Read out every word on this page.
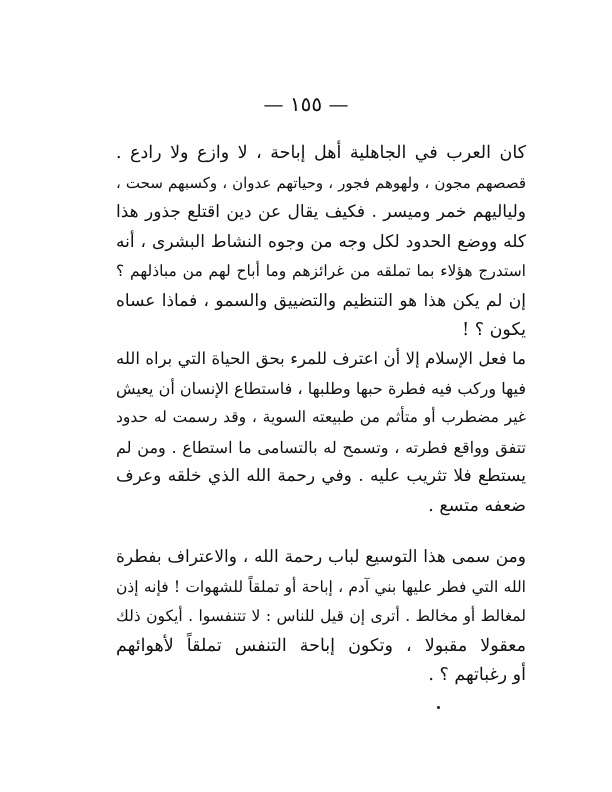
— ١٥٥ —
كان العرب في الجاهلية أهل إباحة ، لا وازع ولا رادع .
قصصهم مجون ، ولهوهم فجور ، وحياتهم عدوان ، وكسبهم سحت ،
ولياليهم خمر وميسر . فكيف يقال عن دين اقتلع جذور هذا
كله ووضع الحدود لكل وجه من وجوه النشاط البشرى ، أنه
استدرج هؤلاء بما تملقه من غرائزهم وما أباح لهم من مباذلهم ؟
إن لم يكن هذا هو التنظيم والتضييق والسمو ، فماذا عساه
يكون ؟ !
ما فعل الإسلام إلا أن اعترف للمرء بحق الحياة التي براه الله
فيها وركب فيه فطرة حبها وطلبها ، فاستطاع الإنسان أن يعيش
غير مضطرب أو متأثم من طبيعته السوية ، وقد رسمت له حدود
تتفق وواقع فطرته ، وتسمح له بالتسامى ما استطاع . ومن لم
يستطع فلا تثريب عليه . وفي رحمة الله الذي خلقه وعرف
ضعفه متسع .
ومن سمى هذا التوسيع لباب رحمة الله ، والاعتراف بفطرة
الله التي فطر عليها بني آدم ، إباحة أو تملقاً للشهوات ! فإنه إذن
لمغالط أو مخالط . أترى إن قيل للناس : لا تتنفسوا . أيكون ذلك
معقولا مقبولا ، وتكون إباحة التنفس تملقاً لأهوائهم
أو رغباتهم ؟ .
